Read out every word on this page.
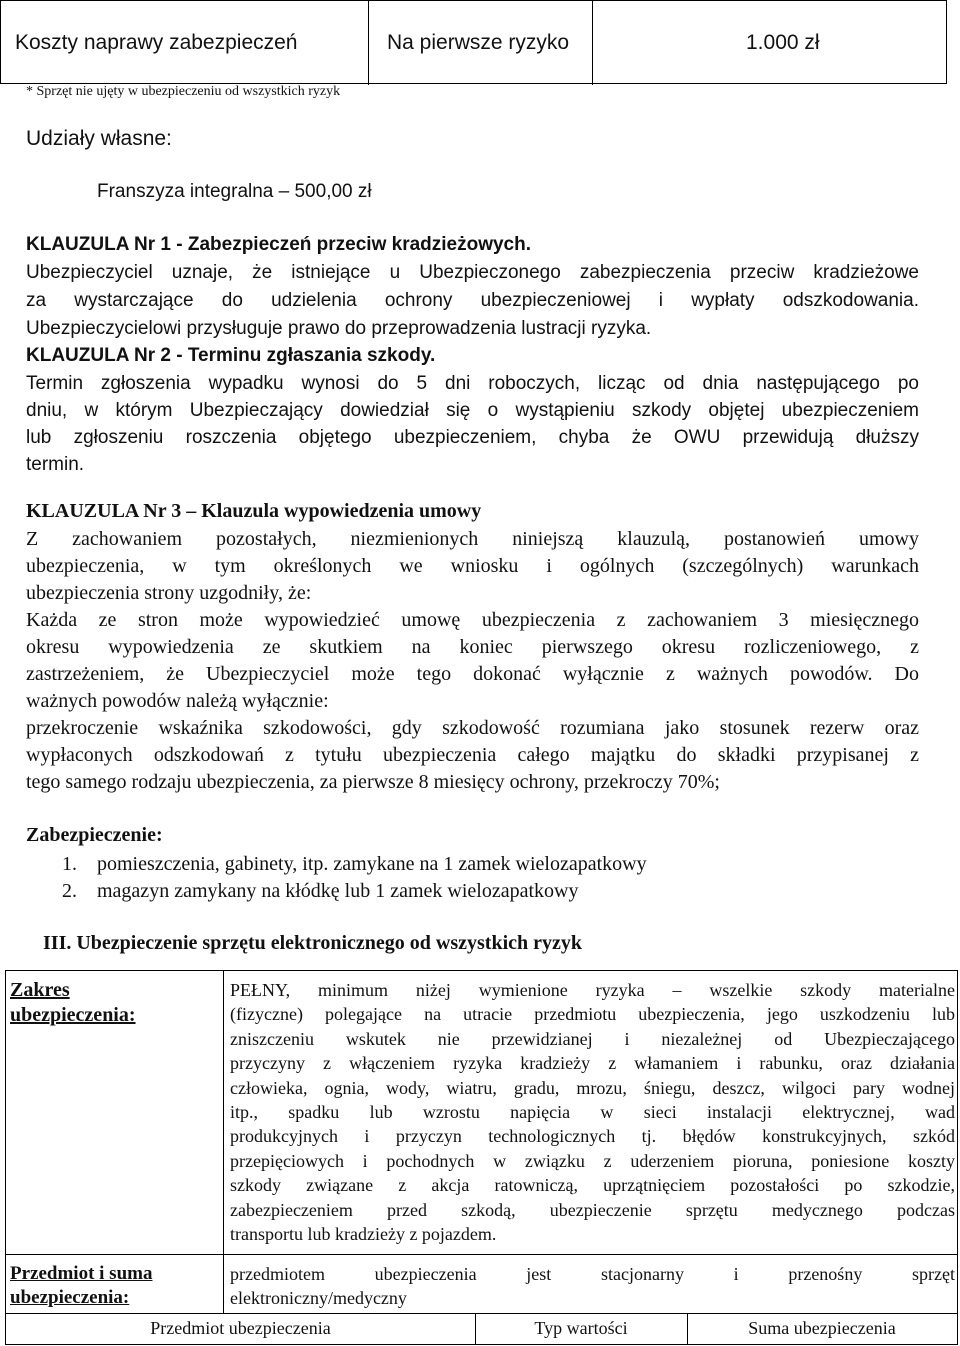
Koszty naprawy zabezpieczeń	Na pierwsze ryzyko	1.000 zł
* Sprzęt nie ujęty w ubezpieczeniu od wszystkich ryzyk
Udziały własne:
Franszyza integralna – 500,00 zł
KLAUZULA Nr 1 - Zabezpieczeń przeciw kradzieżowych.
Ubezpieczyciel uznaje, że istniejące u Ubezpieczonego zabezpieczenia przeciw kradzieżowe
za wystarczające do udzielenia ochrony ubezpieczeniowej i wypłaty odszkodowania.
Ubezpieczycielowi przysługuje prawo do przeprowadzenia lustracji ryzyka.
KLAUZULA Nr 2 - Terminu zgłaszania szkody.
Termin zgłoszenia wypadku wynosi do 5 dni roboczych, licząc od dnia następującego po
dniu, w którym Ubezpieczający dowiedział się o wystąpieniu szkody objętej ubezpieczeniem
lub zgłoszeniu roszczenia objętego ubezpieczeniem, chyba że OWU przewidują dłuższy
termin.
KLAUZULA Nr 3 – Klauzula wypowiedzenia umowy
Z zachowaniem pozostałych, niezmienionych niniejszą klauzulą, postanowień umowy
ubezpieczenia, w tym określonych we wniosku i ogólnych (szczególnych) warunkach
ubezpieczenia strony uzgodniły, że:
Każda ze stron może wypowiedzieć umowę ubezpieczenia z zachowaniem 3 miesięcznego
okresu wypowiedzenia ze skutkiem na koniec pierwszego okresu rozliczeniowego, z
zastrzeżeniem, że Ubezpieczyciel może tego dokonać wyłącznie z ważnych powodów. Do
ważnych powodów należą wyłącznie:
przekroczenie wskaźnika szkodowości, gdy szkodowość rozumiana jako stosunek rezerw oraz
wypłaconych odszkodowań z tytułu ubezpieczenia całego majątku do składki przypisanej z
tego samego rodzaju ubezpieczenia, za pierwsze 8 miesięcy ochrony, przekroczy 70%;
Zabezpieczenie:
1. pomieszczenia, gabinety, itp. zamykane na 1 zamek wielozapatkowy
2. magazyn zamykany na kłódkę lub 1 zamek wielozapatkowy
III. Ubezpieczenie sprzętu elektronicznego od wszystkich ryzyk
Zakres
ubezpieczenia:
PEŁNY, minimum niżej wymienione ryzyka – wszelkie szkody materialne
(fizyczne) polegające na utracie przedmiotu ubezpieczenia, jego uszkodzeniu lub
zniszczeniu wskutek nie przewidzianej i niezależnej od Ubezpieczającego
przyczyny z włączeniem ryzyka kradzieży z włamaniem i rabunku, oraz działania
człowieka, ognia, wody, wiatru, gradu, mrozu, śniegu, deszcz, wilgoci pary wodnej
itp., spadku lub wzrostu napięcia w sieci instalacji elektrycznej, wad
produkcyjnych i przyczyn technologicznych tj. błędów konstrukcyjnych, szkód
przepięciowych i pochodnych w związku z uderzeniem pioruna, poniesione koszty
szkody związane z akcja ratowniczą, uprzątnięciem pozostałości po szkodzie,
zabezpieczeniem przed szkodą, ubezpieczenie sprzętu medycznego podczas
transportu lub kradzieży z pojazdem.
Przedmiot i suma
ubezpieczenia:
przedmiotem ubezpieczenia jest stacjonarny i przenośny sprzęt
elektroniczny/medyczny
Przedmiot ubezpieczenia	Typ wartości	Suma ubezpieczenia
